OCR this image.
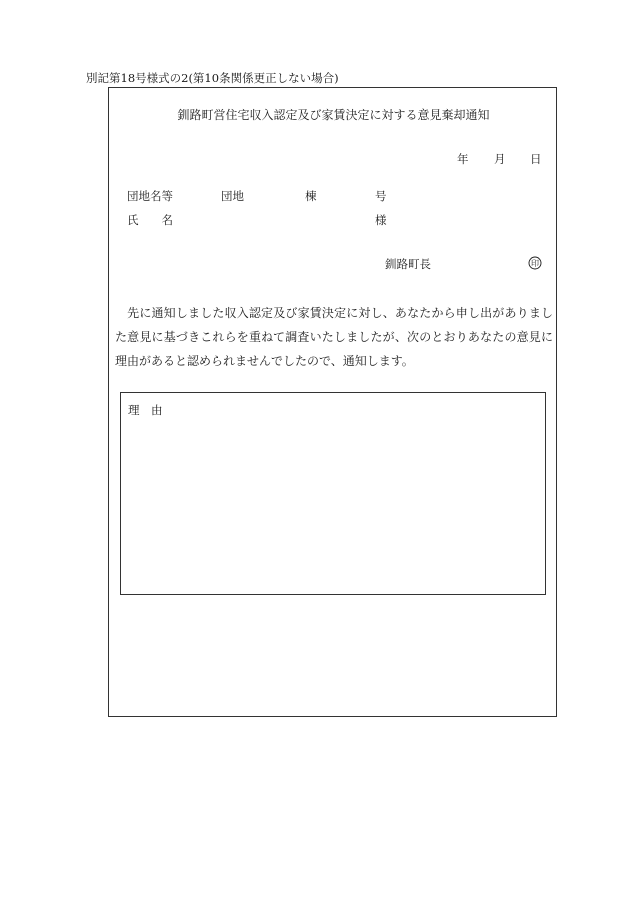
別記第18号様式の2(第10条関係更正しない場合)
釧路町営住宅収入認定及び家賃決定に対する意見棄却通知
年 月 日
団地名等	団地	棟	号
氏　　名	様
釧路町長	印
　先に通知しました収入認定及び家賃決定に対し、あなたから申し出がありました意見に基づきこれらを重ねて調査いたしましたが、次のとおりあなたの意見に理由があると認められませんでしたので、通知します。
理　由
